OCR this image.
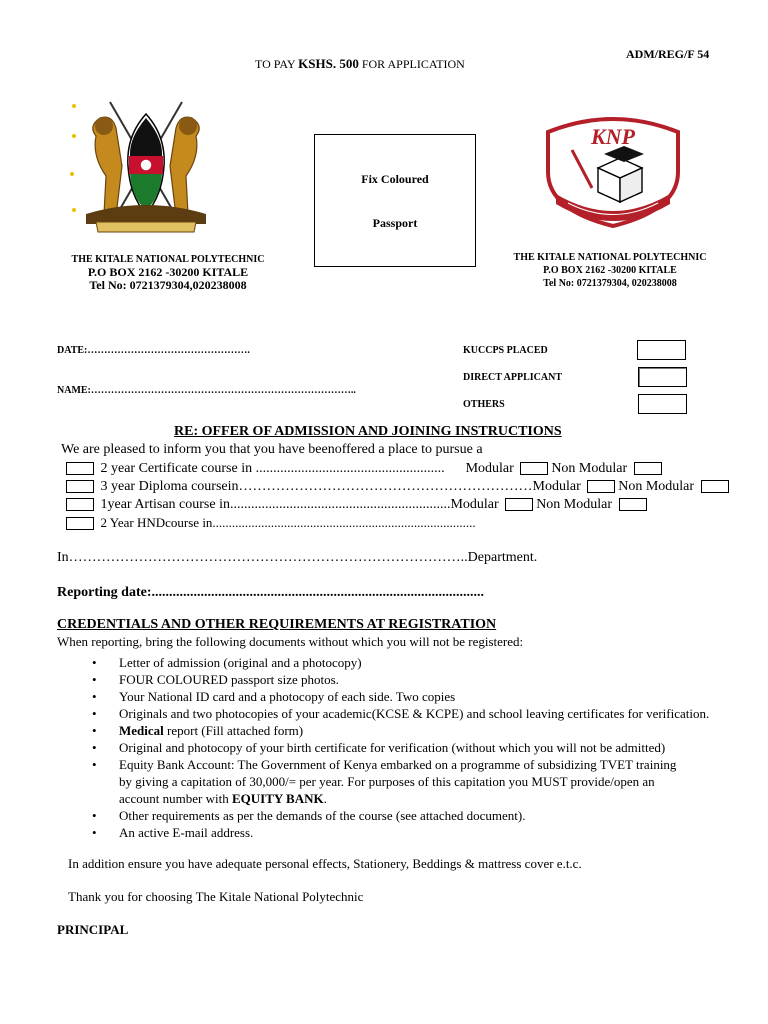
ADM/REG/F 54
TO PAY KSHS. 500 FOR APPLICATION
THE KITALE NATIONAL POLYTECHNIC
P.O BOX 2162 -30200 KITALE
Tel No: 0721379304,020238008
Fix Coloured
Passport
KNP
THE KITALE NATIONAL POLYTECHNIC
P.O BOX 2162 -30200 KITALE
Tel No: 0721379304, 020238008
DATE:………………………………………….
NAME:……………………………………………………………………..
KUCCPS PLACED
DIRECT APPLICANT
OTHERS
RE: OFFER OF ADMISSION AND JOINING INSTRUCTIONS
We are pleased to inform you that you have beenoffered a place to pursue a
2 year Certificate course in ...................................................... Modular	Non Modular
3 year Diploma coursein………………………………………………………Modular	Non Modular
1year Artisan course in...............................................................Modular	Non Modular
2 Year HNDcourse in.................................................................................
In…………………………………………………………………………..Department.
Reporting date:...............................................................................................
CREDENTIALS AND OTHER REQUIREMENTS AT REGISTRATION
When reporting, bring the following documents without which you will not be registered:
• Letter of admission (original and a photocopy)
• FOUR COLOURED passport size photos.
• Your National ID card and a photocopy of each side. Two copies
• Originals and two photocopies of your academic(KCSE & KCPE) and school leaving certificates for verification.
• Medical report (Fill attached form)
• Original and photocopy of your birth certificate for verification (without which you will not be admitted)
• Equity Bank Account: The Government of Kenya embarked on a programme of subsidizing TVET training by giving a capitation of 30,000/= per year. For purposes of this capitation you MUST provide/open an account number with EQUITY BANK.
• Other requirements as per the demands of the course (see attached document).
• An active E-mail address.
In addition ensure you have adequate personal effects, Stationery, Beddings & mattress cover e.t.c.
Thank you for choosing The Kitale National Polytechnic
PRINCIPAL
